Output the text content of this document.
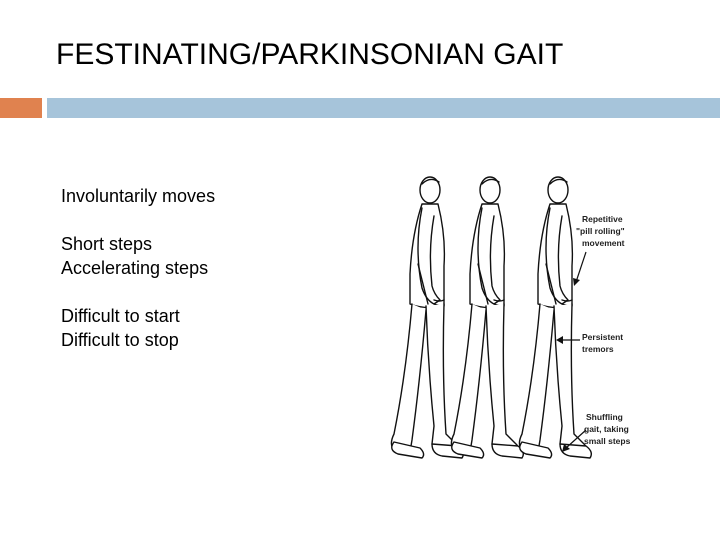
FESTINATING/PARKINSONIAN GAIT
Involuntarily moves
Short steps
Accelerating steps
Difficult to start
Difficult to stop
Repetitive "pill rolling" movement
Persistent tremors
Shuffling gait, taking small steps
